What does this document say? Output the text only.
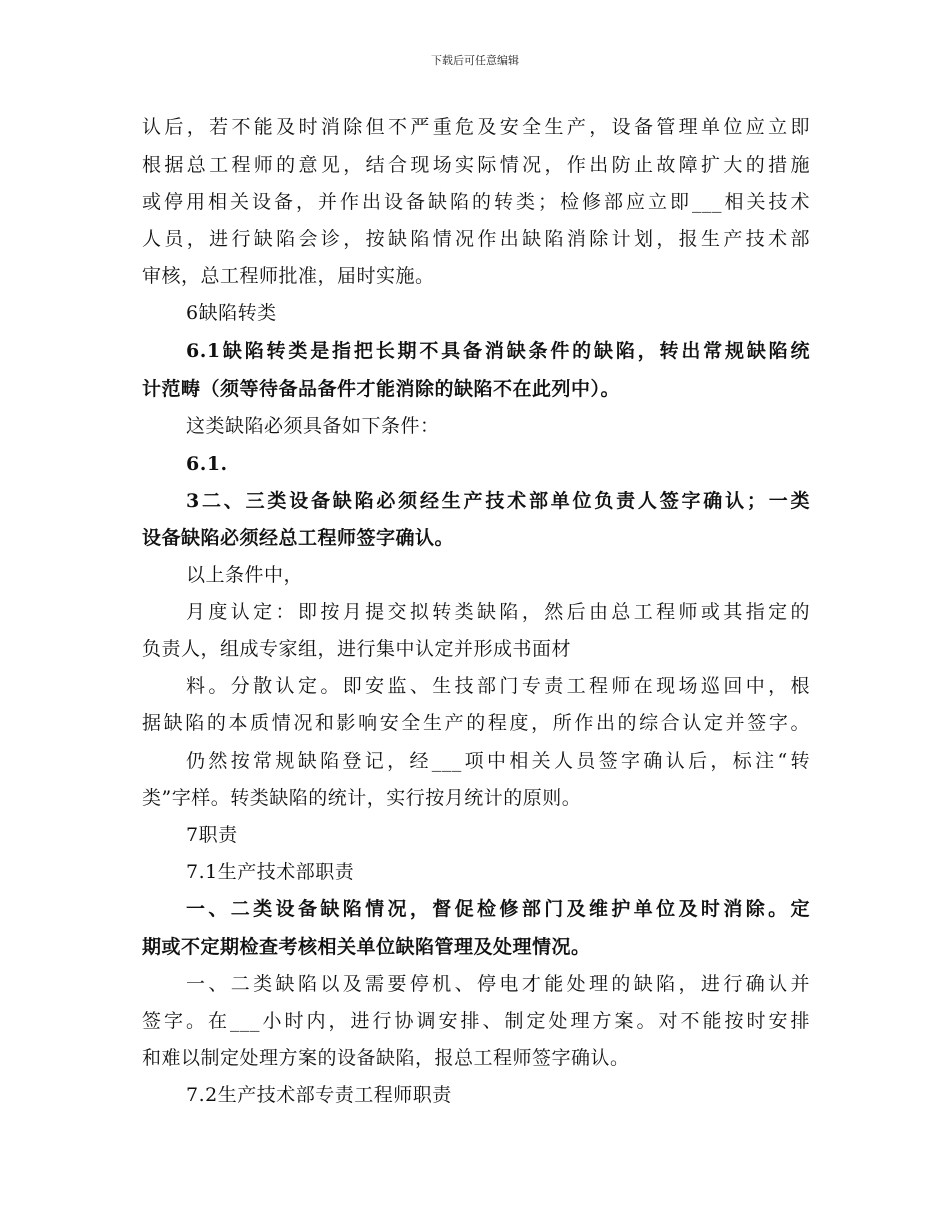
下载后可任意编辑
认后，若不能及时消除但不严重危及安全生产，设备管理单位应立即
根据总工程师的意见，结合现场实际情况，作出防止故障扩大的措施
或停用相关设备，并作出设备缺陷的转类；检修部应立即___相关技术
人员，进行缺陷会诊，按缺陷情况作出缺陷消除计划，报生产技术部
审核，总工程师批准，届时实施。
6缺陷转类
6.1缺陷转类是指把长期不具备消缺条件的缺陷，转出常规缺陷统
计范畴（须等待备品备件才能消除的缺陷不在此列中）。
这类缺陷必须具备如下条件：
6.1.
3二、三类设备缺陷必须经生产技术部单位负责人签字确认；一类
设备缺陷必须经总工程师签字确认。
以上条件中，
月度认定：即按月提交拟转类缺陷，然后由总工程师或其指定的
负责人，组成专家组，进行集中认定并形成书面材
料。分散认定。即安监、生技部门专责工程师在现场巡回中，根
据缺陷的本质情况和影响安全生产的程度，所作出的综合认定并签字。
仍然按常规缺陷登记，经___项中相关人员签字确认后，标注“转
类”字样。转类缺陷的统计，实行按月统计的原则。
7职责
7.1生产技术部职责
一、二类设备缺陷情况，督促检修部门及维护单位及时消除。定
期或不定期检查考核相关单位缺陷管理及处理情况。
一、二类缺陷以及需要停机、停电才能处理的缺陷，进行确认并
签字。在___小时内，进行协调安排、制定处理方案。对不能按时安排
和难以制定处理方案的设备缺陷，报总工程师签字确认。
7.2生产技术部专责工程师职责
